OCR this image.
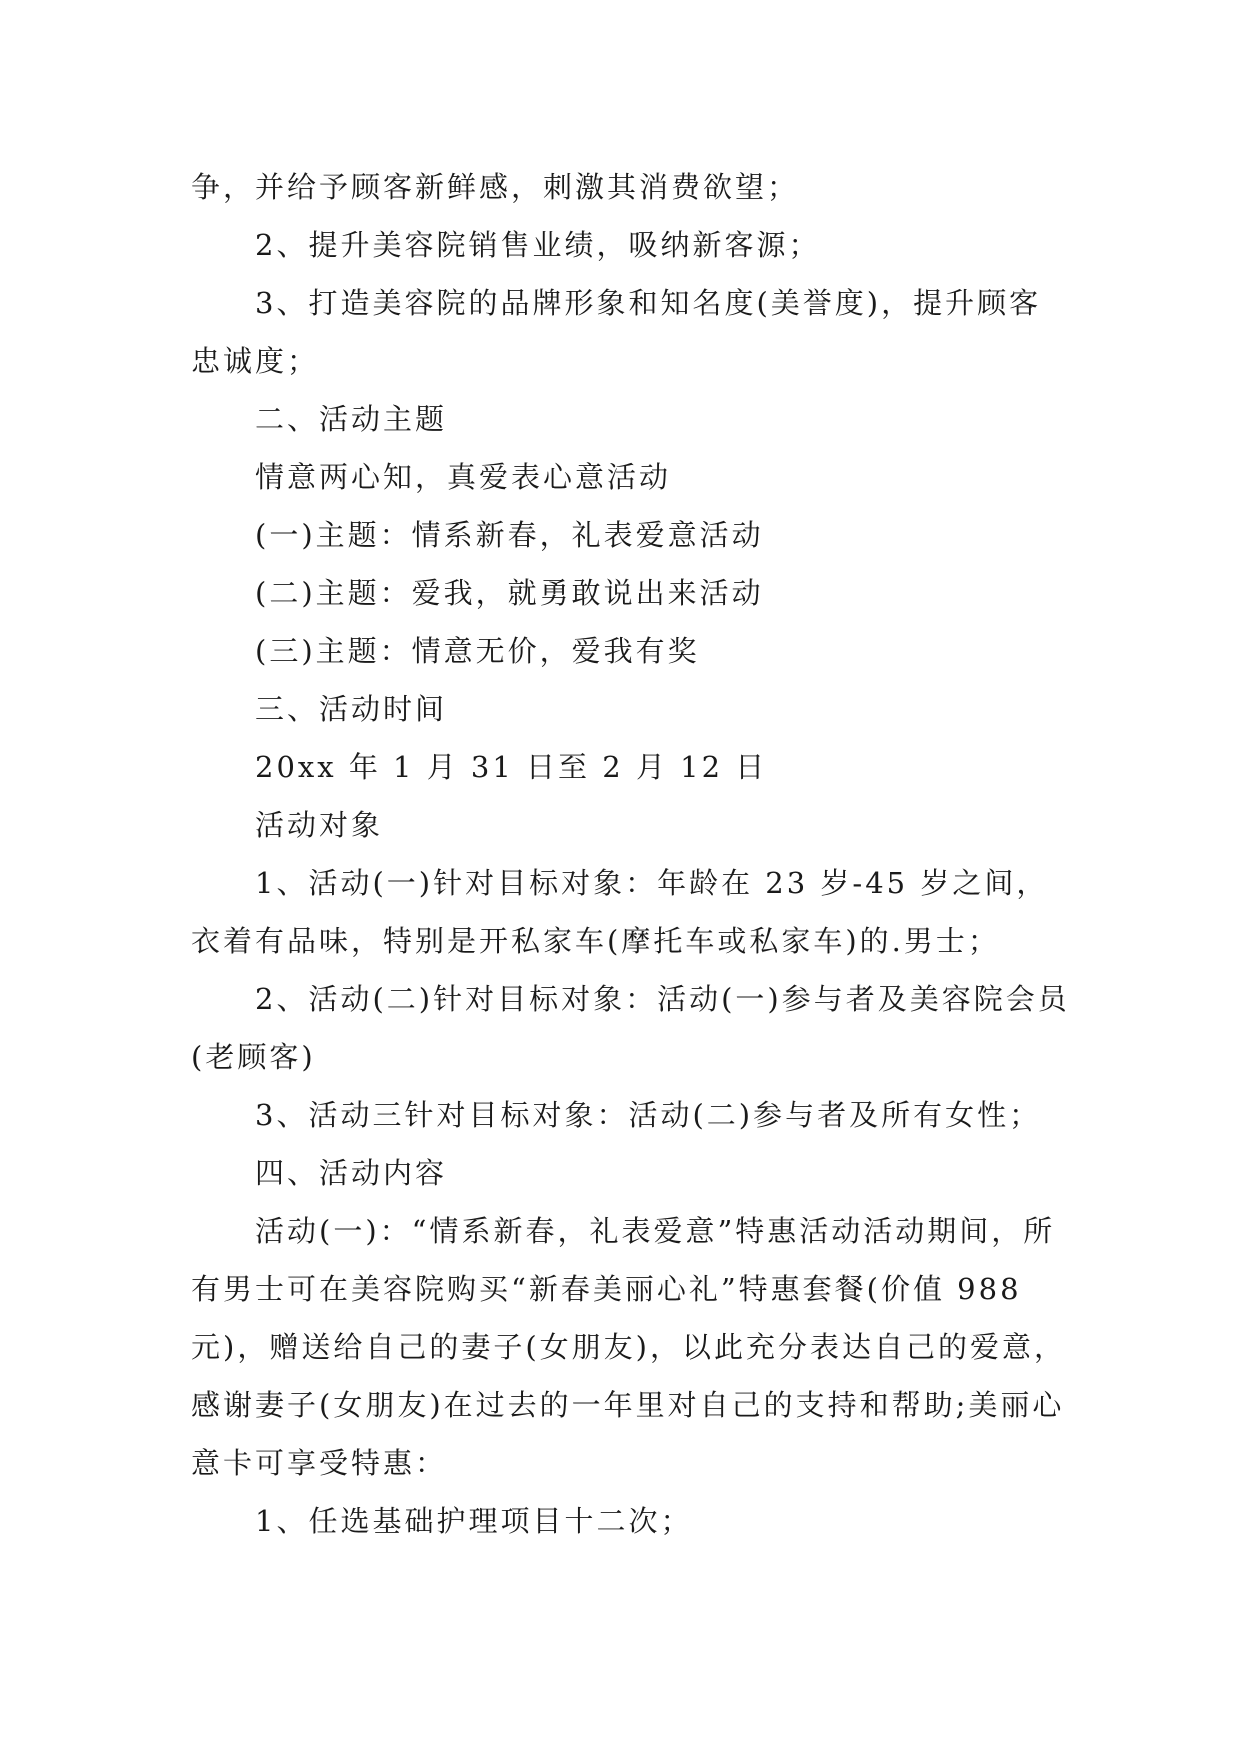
争，并给予顾客新鲜感，刺激其消费欲望；

2、提升美容院销售业绩，吸纳新客源；

3、打造美容院的品牌形象和知名度(美誉度)，提升顾客忠诚度；

二、活动主题

情意两心知，真爱表心意活动

(一)主题：情系新春，礼表爱意活动

(二)主题：爱我，就勇敢说出来活动

(三)主题：情意无价，爱我有奖

三、活动时间

20xx 年 1 月 31 日至 2 月 12 日

活动对象

1、活动(一)针对目标对象：年龄在 23 岁-45 岁之间，衣着有品味，特别是开私家车(摩托车或私家车)的.男士；

2、活动(二)针对目标对象：活动(一)参与者及美容院会员(老顾客)

3、活动三针对目标对象：活动(二)参与者及所有女性；

四、活动内容

活动(一)：“情系新春，礼表爱意”特惠活动活动期间，所有男士可在美容院购买“新春美丽心礼”特惠套餐(价值 988 元)，赠送给自己的妻子(女朋友)，以此充分表达自己的爱意，感谢妻子(女朋友)在过去的一年里对自己的支持和帮助;美丽心意卡可享受特惠：

1、任选基础护理项目十二次；
